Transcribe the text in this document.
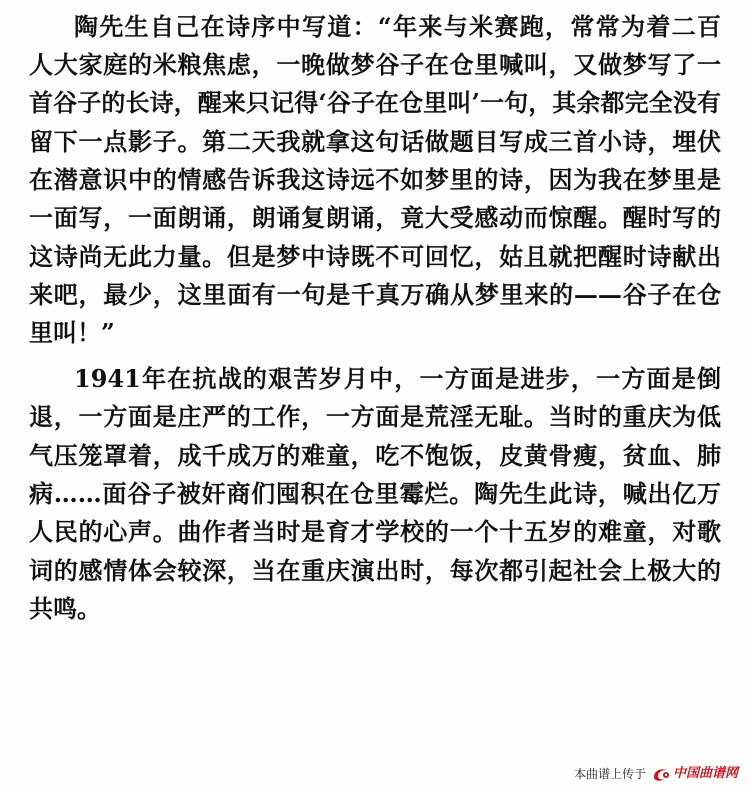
陶先生自己在诗序中写道：“年来与米赛跑，常常为着二百
人大家庭的米粮焦虑，一晚做梦谷子在仓里喊叫，又做梦写了一
首谷子的长诗，醒来只记得‘谷子在仓里叫’一句，其余都完全没有
留下一点影子。第二天我就拿这句话做题目写成三首小诗，埋伏
在潜意识中的情感告诉我这诗远不如梦里的诗，因为我在梦里是
一面写，一面朗诵，朗诵复朗诵，竟大受感动而惊醒。醒时写的
这诗尚无此力量。但是梦中诗既不可回忆，姑且就把醒时诗献出
来吧，最少，这里面有一句是千真万确从梦里来的——谷子在仓
里叫！”
1941年在抗战的艰苦岁月中，一方面是进步，一方面是倒
退，一方面是庄严的工作，一方面是荒淫无耻。当时的重庆为低
气压笼罩着，成千成万的难童，吃不饱饭，皮黄骨瘦，贫血、肺
病……面谷子被奸商们囤积在仓里霉烂。陶先生此诗，喊出亿万
人民的心声。曲作者当时是育才学校的一个十五岁的难童，对歌
词的感情体会较深，当在重庆演出时，每次都引起社会上极大的
共鸣。
本曲谱上传于 中国曲谱网
